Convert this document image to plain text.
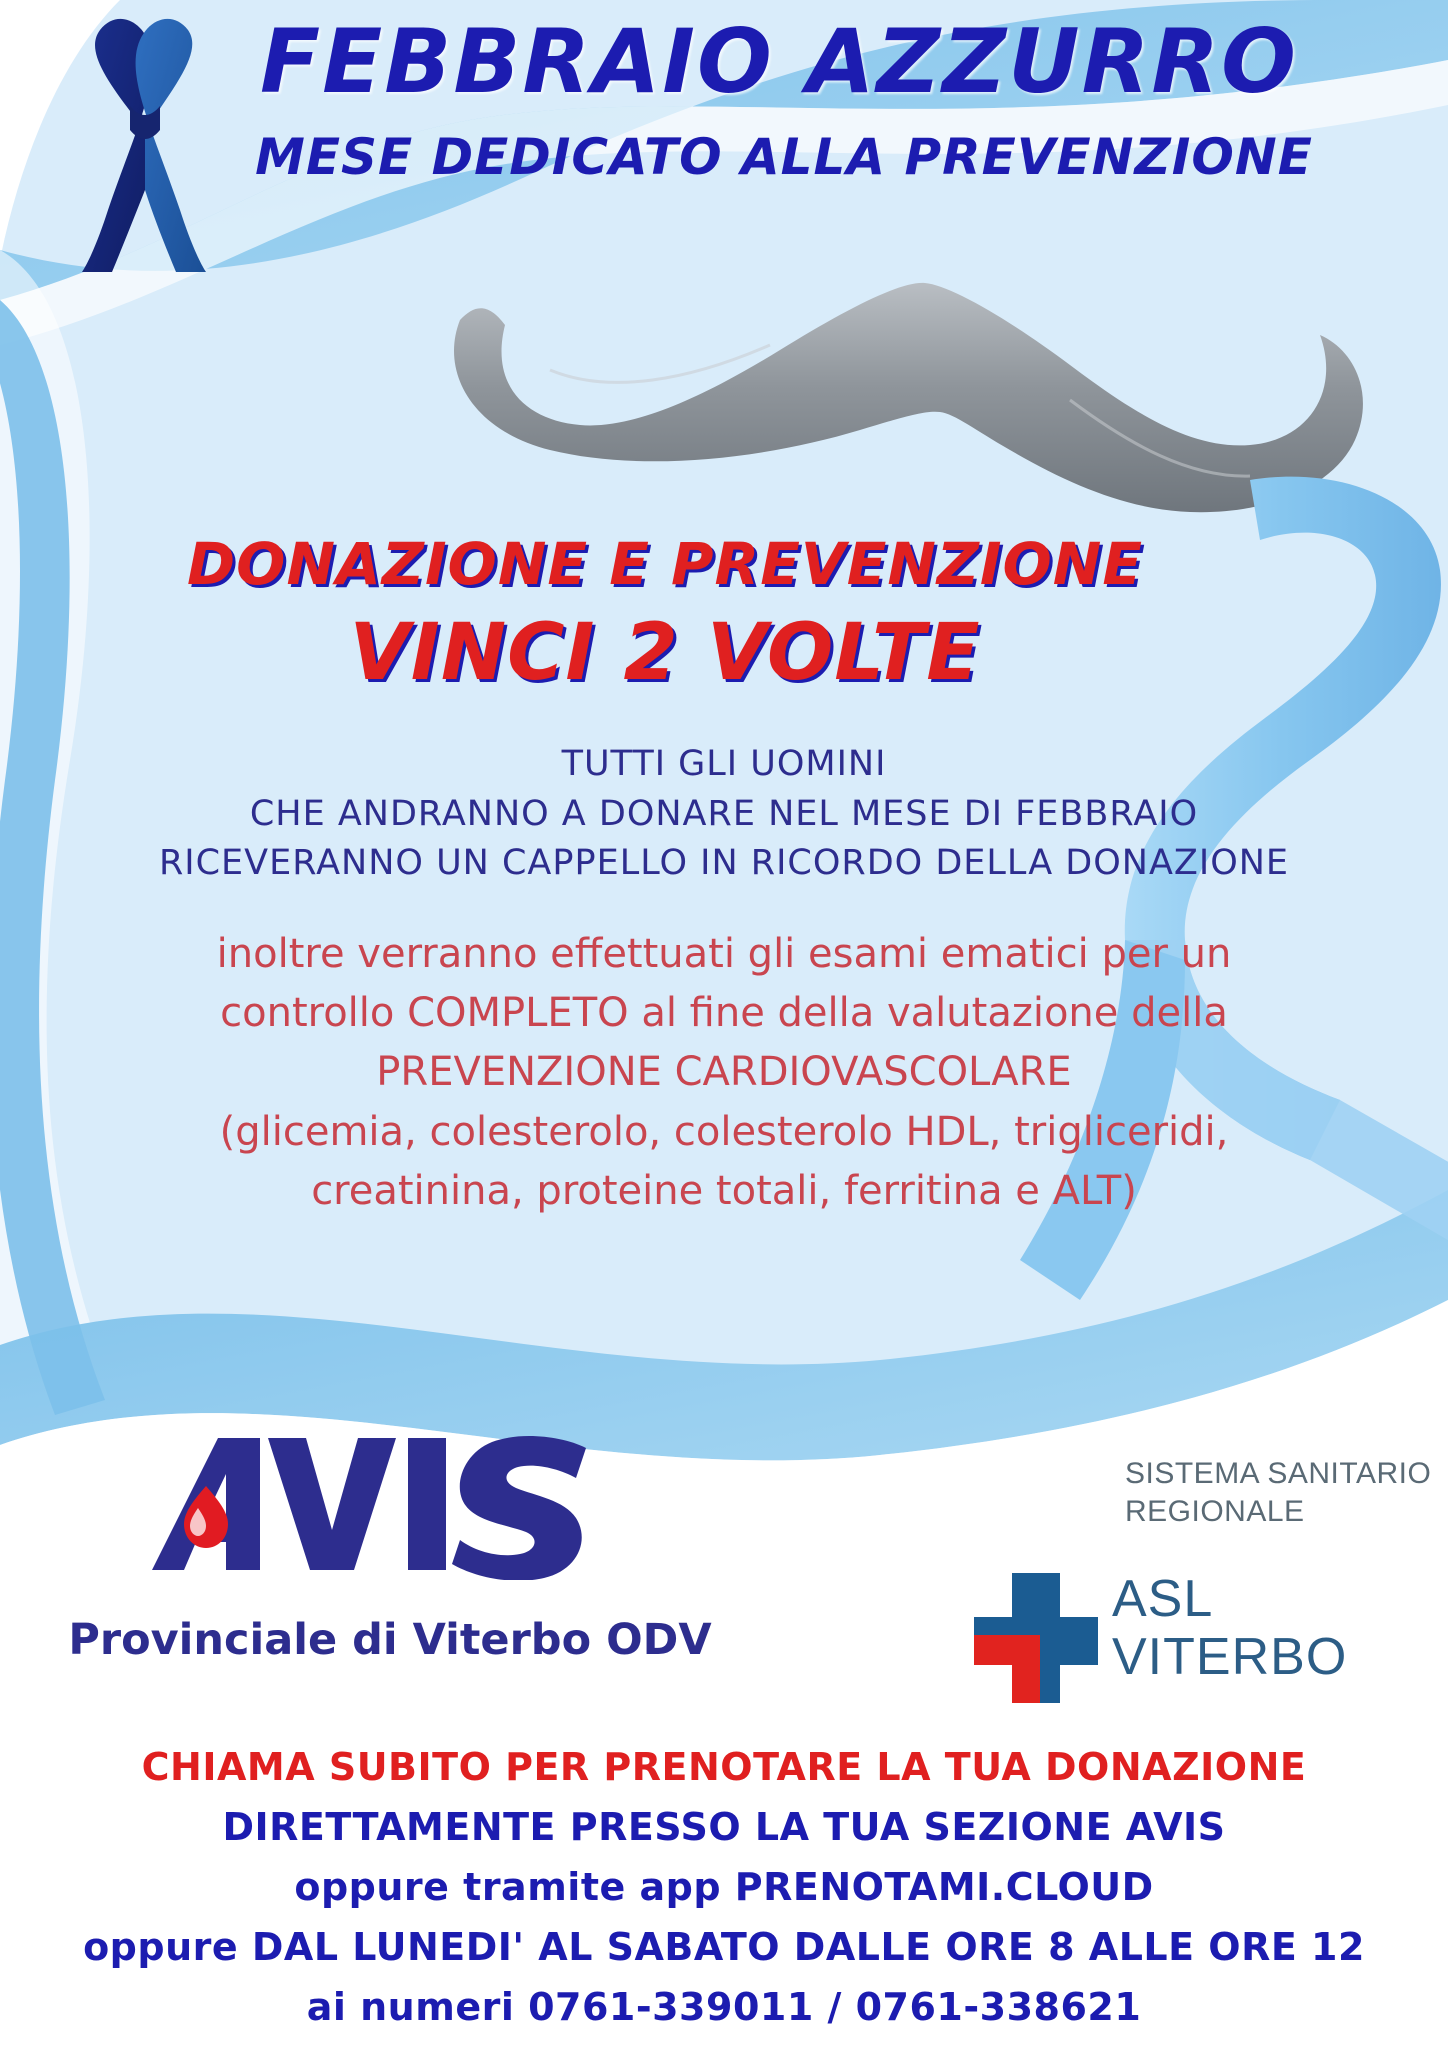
FEBBRAIO AZZURRO
MESE DEDICATO ALLA PREVENZIONE
DONAZIONE E PREVENZIONE
VINCI 2 VOLTE
TUTTI GLI UOMINI
CHE ANDRANNO A DONARE NEL MESE DI FEBBRAIO
RICEVERANNO UN CAPPELLO IN RICORDO DELLA DONAZIONE
inoltre verranno effettuati gli esami ematici per un
controllo COMPLETO al fine della valutazione della
PREVENZIONE CARDIOVASCOLARE
(glicemia, colesterolo, colesterolo HDL, trigliceridi,
creatinina, proteine totali, ferritina e ALT)
Provinciale di Viterbo ODV
SISTEMA SANITARIO
REGIONALE
ASL
VITERBO
CHIAMA SUBITO PER PRENOTARE LA TUA DONAZIONE
DIRETTAMENTE PRESSO LA TUA SEZIONE AVIS
oppure tramite app PRENOTAMI.CLOUD
oppure DAL LUNEDI' AL SABATO DALLE ORE 8 ALLE ORE 12
ai numeri 0761-339011 / 0761-338621
